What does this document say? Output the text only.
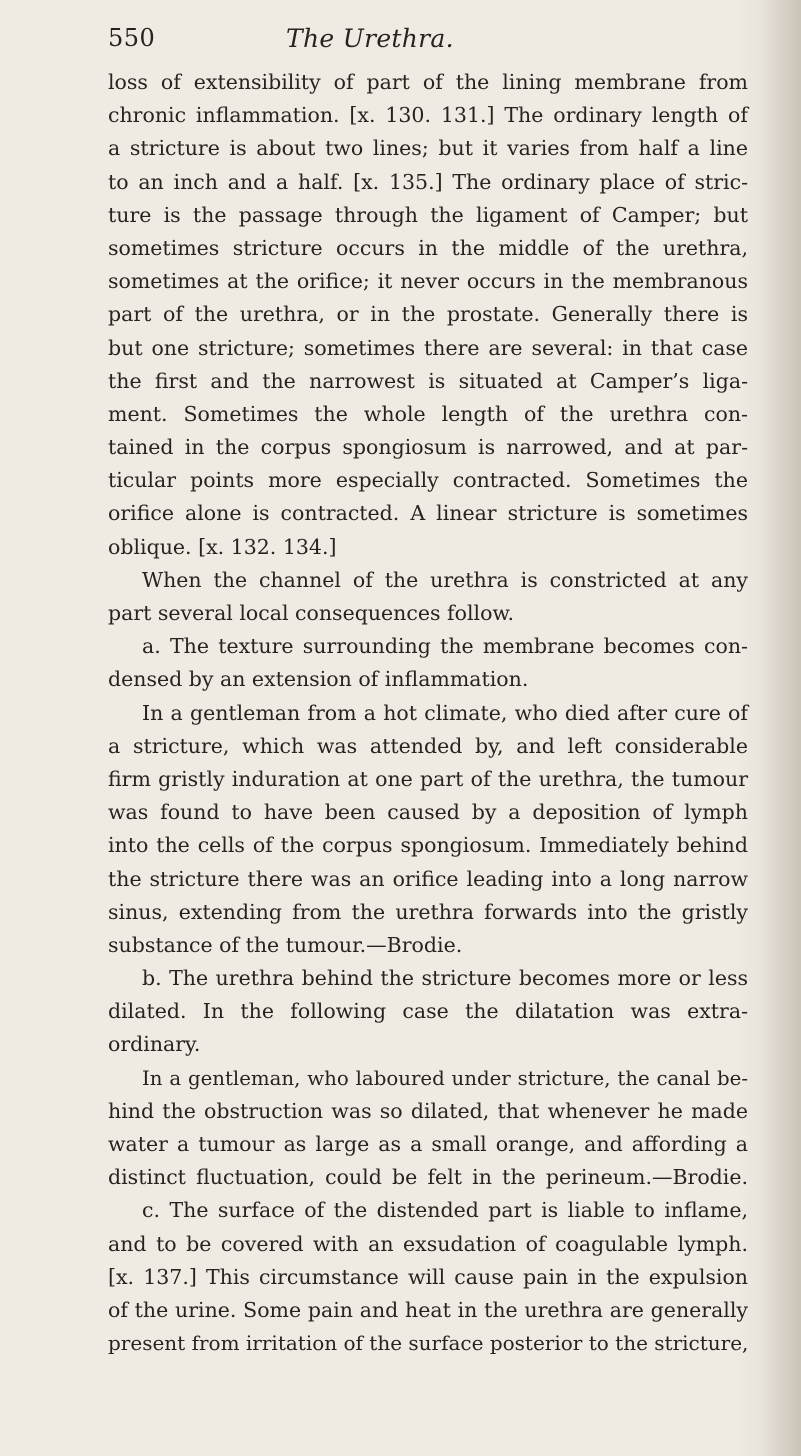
550	The Urethra.
loss of extensibility of part of the lining membrane from
chronic inflammation. [x. 130. 131.] The ordinary length of
a stricture is about two lines; but it varies from half a line
to an inch and a half. [x. 135.] The ordinary place of stric-
ture is the passage through the ligament of Camper; but
sometimes stricture occurs in the middle of the urethra,
sometimes at the orifice; it never occurs in the membranous
part of the urethra, or in the prostate. Generally there is
but one stricture; sometimes there are several: in that case
the first and the narrowest is situated at Camper’s liga-
ment. Sometimes the whole length of the urethra con-
tained in the corpus spongiosum is narrowed, and at par-
ticular points more especially contracted. Sometimes the
orifice alone is contracted. A linear stricture is sometimes
oblique. [x. 132. 134.]
When the channel of the urethra is constricted at any
part several local consequences follow.
a. The texture surrounding the membrane becomes con-
densed by an extension of inflammation.
In a gentleman from a hot climate, who died after cure of
a stricture, which was attended by, and left considerable
firm gristly induration at one part of the urethra, the tumour
was found to have been caused by a deposition of lymph
into the cells of the corpus spongiosum. Immediately behind
the stricture there was an orifice leading into a long narrow
sinus, extending from the urethra forwards into the gristly
substance of the tumour.—Brodie.
b. The urethra behind the stricture becomes more or less
dilated. In the following case the dilatation was extra-
ordinary.
In a gentleman, who laboured under stricture, the canal be-
hind the obstruction was so dilated, that whenever he made
water a tumour as large as a small orange, and affording a
distinct fluctuation, could be felt in the perineum.—Brodie.
c. The surface of the distended part is liable to inflame,
and to be covered with an exsudation of coagulable lymph.
[x. 137.] This circumstance will cause pain in the expulsion
of the urine. Some pain and heat in the urethra are generally
present from irritation of the surface posterior to the stricture,
